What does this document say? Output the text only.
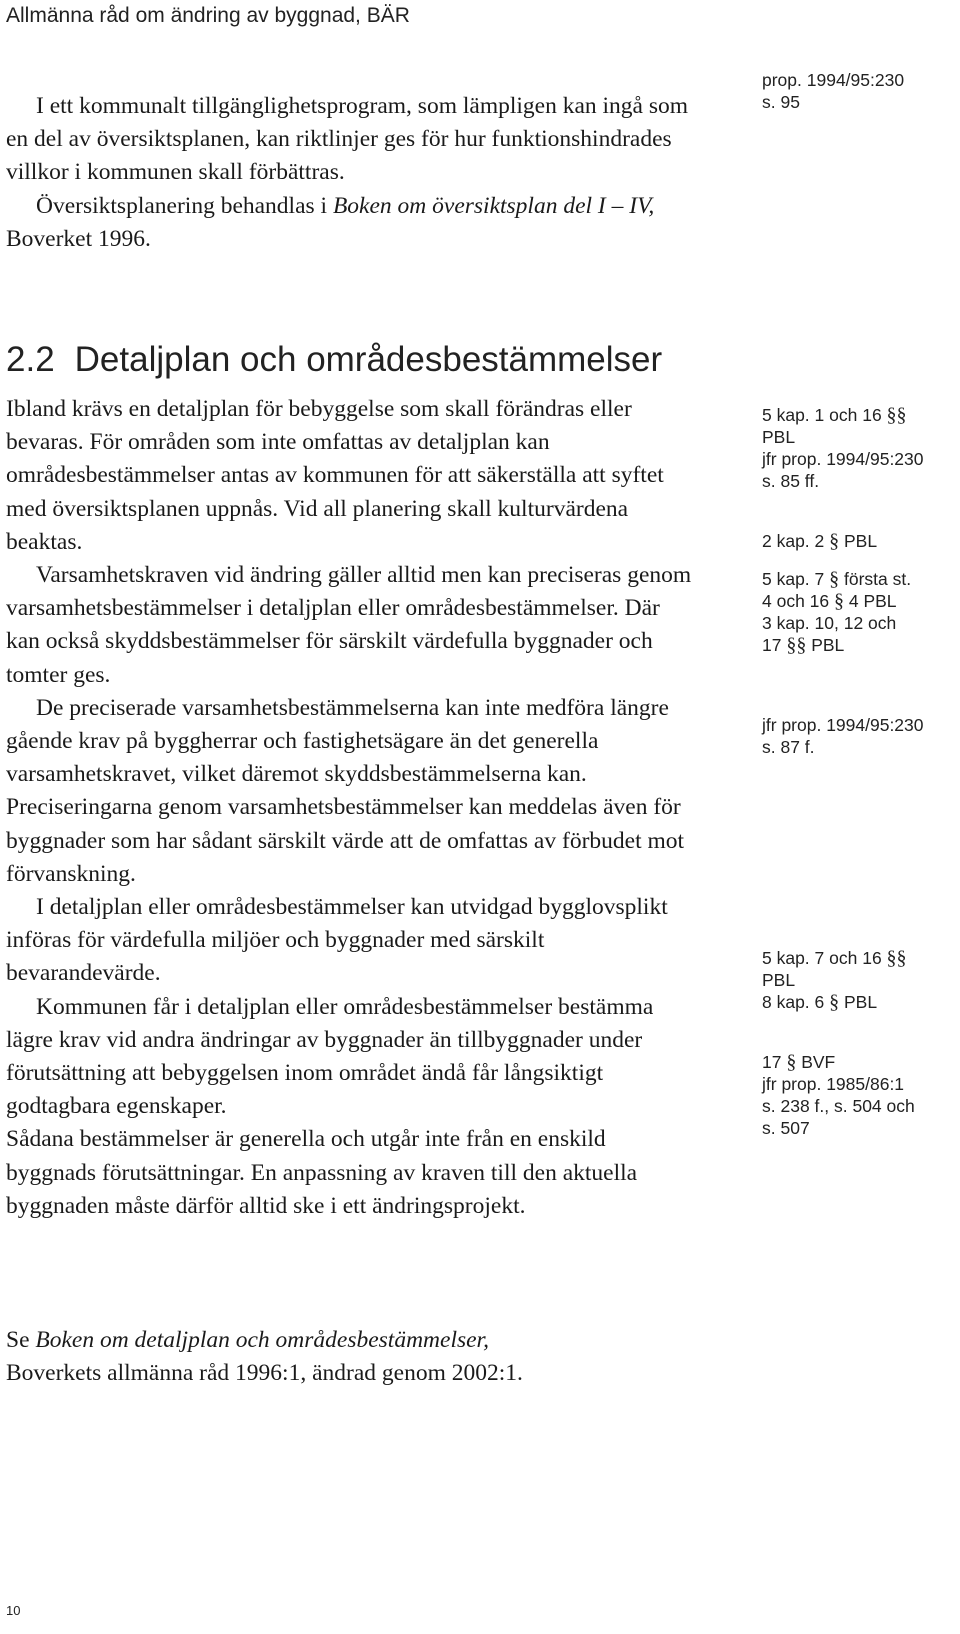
Allmänna råd om ändring av byggnad, BÄR

I ett kommunalt tillgänglighetsprogram, som lämpligen kan ingå som en del av översiktsplanen, kan riktlinjer ges för hur funktionshindrades villkor i kommunen skall förbättras.

Översiktsplanering behandlas i Boken om översiktsplan del I – IV, Boverket 1996.

2.2 Detaljplan och områdesbestämmelser

Ibland krävs en detaljplan för bebyggelse som skall förändras eller bevaras. För områden som inte omfattas av detaljplan kan områdesbestämmelser antas av kommunen för att säkerställa att syftet med översiktsplanen uppnås. Vid all planering skall kulturvärdena beaktas.

Varsamhetskraven vid ändring gäller alltid men kan preciseras genom varsamhetsbestämmelser i detaljplan eller områdesbestämmelser. Där kan också skyddsbestämmelser för särskilt värdefulla byggnader och tomter ges.

De preciserade varsamhetsbestämmelserna kan inte medföra längre gående krav på byggherrar och fastighetsägare än det generella varsamhetskravet, vilket däremot skyddsbestämmelserna kan. Preciseringarna genom varsamhetsbestämmelser kan meddelas även för byggnader som har sådant särskilt värde att de omfattas av förbudet mot förvanskning.

I detaljplan eller områdesbestämmelser kan utvidgad bygglovsplikt införas för värdefulla miljöer och byggnader med särskilt bevarandevärde.

Kommunen får i detaljplan eller områdesbestämmelser bestämma lägre krav vid andra ändringar av byggnader än tillbyggnader under förutsättning att bebyggelsen inom området ändå får långsiktigt godtagbara egenskaper.

Sådana bestämmelser är generella och utgår inte från en enskild byggnads förutsättningar. En anpassning av kraven till den aktuella byggnaden måste därför alltid ske i ett ändringsprojekt.

Se Boken om detaljplan och områdesbestämmelser,

Boverkets allmänna råd 1996:1, ändrad genom 2002:1.

prop. 1994/95:230
s. 95
5 kap. 1 och 16 §§
PBL
jfr prop. 1994/95:230
s. 85 ff.
2 kap. 2 § PBL
5 kap. 7 § första st.
4 och 16 § 4 PBL
3 kap. 10, 12 och
17 §§ PBL
jfr prop. 1994/95:230
s. 87 f.
5 kap. 7 och 16 §§
PBL
8 kap. 6 § PBL
17 § BVF
jfr prop. 1985/86:1
s. 238 f., s. 504 och
s. 507
10
